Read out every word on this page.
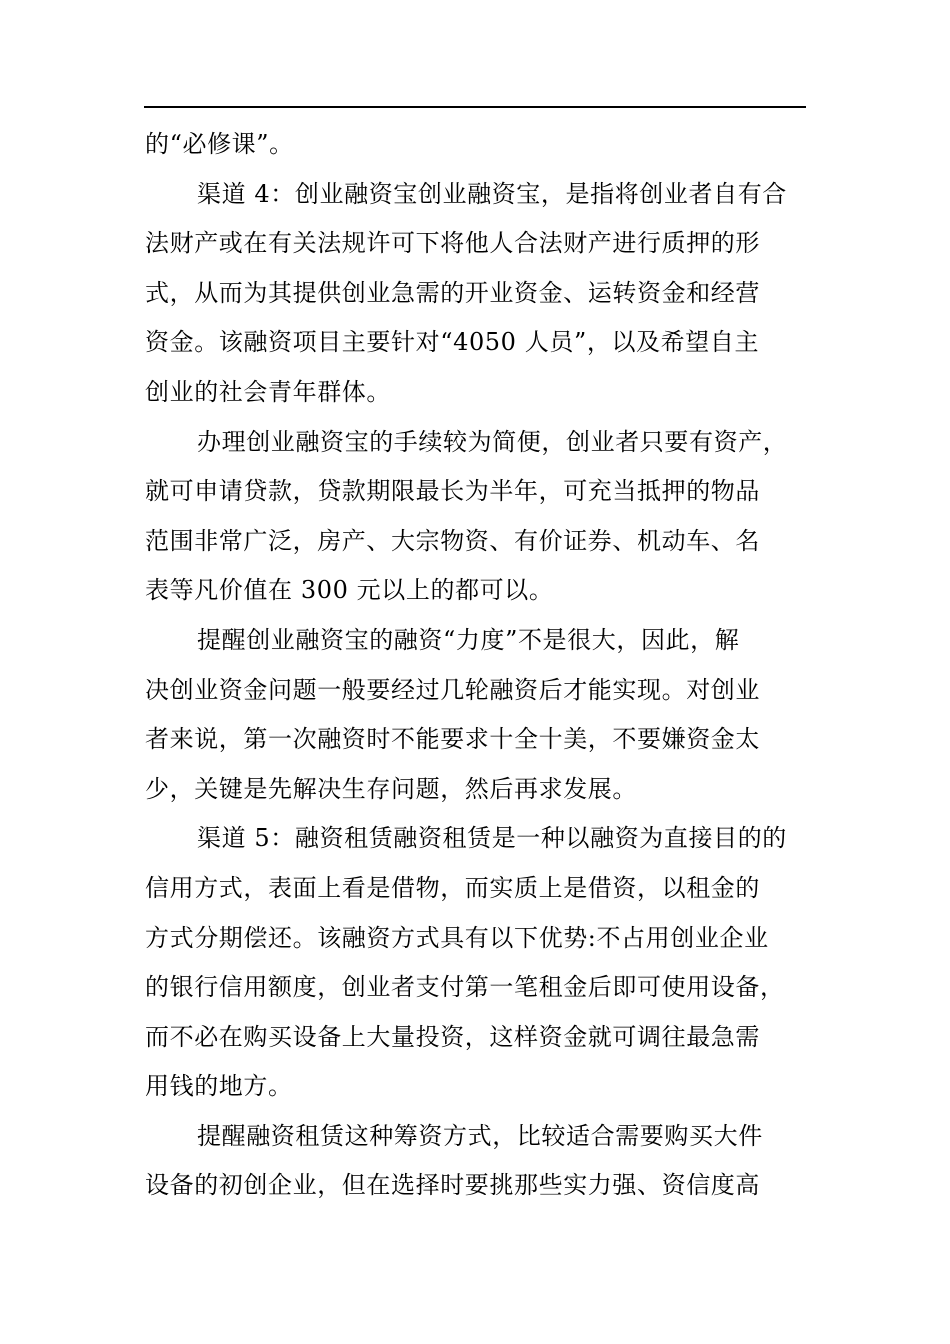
的“必修课”。
渠道 4：创业融资宝创业融资宝，是指将创业者自有合
法财产或在有关法规许可下将他人合法财产进行质押的形
式，从而为其提供创业急需的开业资金、运转资金和经营
资金。该融资项目主要针对“4050 人员”，以及希望自主
创业的社会青年群体。
办理创业融资宝的手续较为简便，创业者只要有资产，
就可申请贷款，贷款期限最长为半年，可充当抵押的物品
范围非常广泛，房产、大宗物资、有价证券、机动车、名
表等凡价值在 300 元以上的都可以。
提醒创业融资宝的融资“力度”不是很大，因此，解
决创业资金问题一般要经过几轮融资后才能实现。对创业
者来说，第一次融资时不能要求十全十美，不要嫌资金太
少，关键是先解决生存问题，然后再求发展。
渠道 5：融资租赁融资租赁是一种以融资为直接目的的
信用方式，表面上看是借物，而实质上是借资，以租金的
方式分期偿还。该融资方式具有以下优势:不占用创业企业
的银行信用额度，创业者支付第一笔租金后即可使用设备，
而不必在购买设备上大量投资，这样资金就可调往最急需
用钱的地方。
提醒融资租赁这种筹资方式，比较适合需要购买大件
设备的初创企业，但在选择时要挑那些实力强、资信度高
